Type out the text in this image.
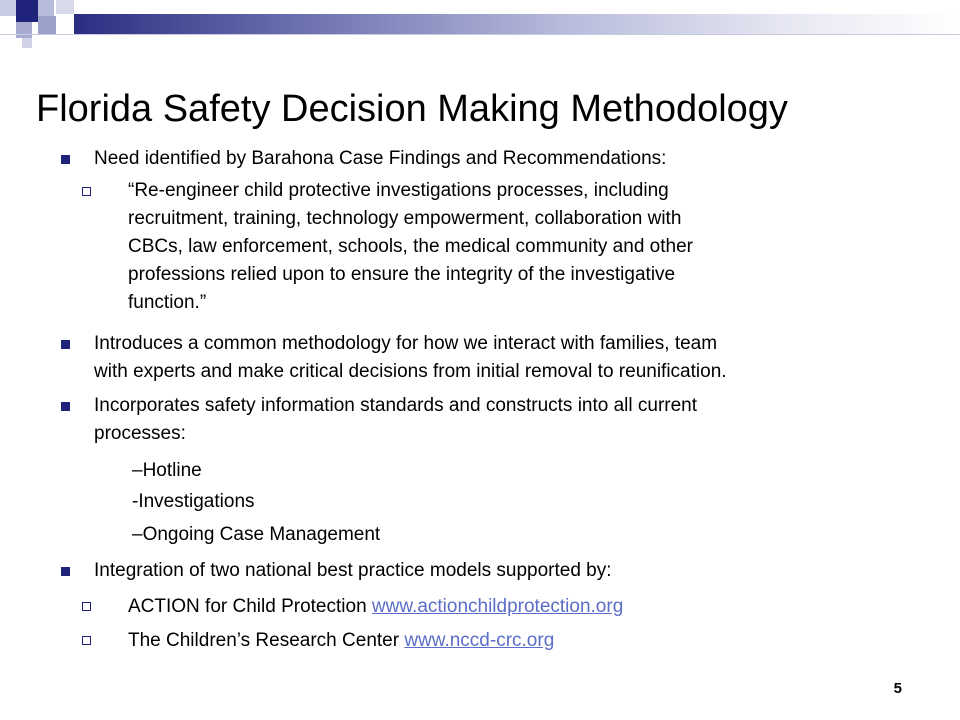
Florida Safety Decision Making Methodology
Need identified by Barahona Case Findings and Recommendations:
“Re-engineer child protective investigations processes, including
recruitment, training, technology empowerment, collaboration with
CBCs, law enforcement, schools, the medical community and other
professions relied upon to ensure the integrity of the investigative
function.”
Introduces a common methodology for how we interact with families, team
with experts and make critical decisions from initial removal to reunification.
Incorporates safety information standards and constructs into all current
processes:
–Hotline
-Investigations
–Ongoing Case Management
Integration of two national best practice models supported by:
ACTION for Child Protection www.actionchildprotection.org
The Children’s Research Center www.nccd-crc.org
5
